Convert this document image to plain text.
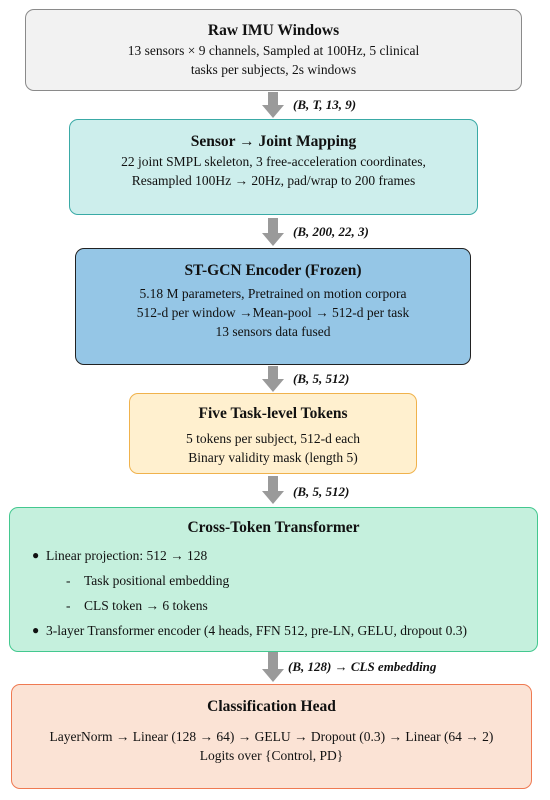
Raw IMU Windows
13 sensors × 9 channels, Sampled at 100Hz, 5 clinical
tasks per subjects, 2s windows
(B, T, 13, 9)
Sensor → Joint Mapping
22 joint SMPL skeleton, 3 free-acceleration coordinates,
Resampled 100Hz → 20Hz, pad/wrap to 200 frames
(B, 200, 22, 3)
ST-GCN Encoder (Frozen)
5.18 M parameters, Pretrained on motion corpora
512-d per window →Mean-pool → 512-d per task
13 sensors data fused
(B, 5, 512)
Five Task-level Tokens
5 tokens per subject, 512-d each
Binary validity mask (length 5)
(B, 5, 512)
Cross-Token Transformer
● Linear projection: 512 → 128
-	Task positional embedding
-	CLS token → 6 tokens
● 3-layer Transformer encoder (4 heads, FFN 512, pre-LN, GELU, dropout 0.3)
(B, 128) → CLS embedding
Classification Head
LayerNorm → Linear (128 → 64) → GELU → Dropout (0.3) → Linear (64 → 2)
Logits over {Control, PD}
